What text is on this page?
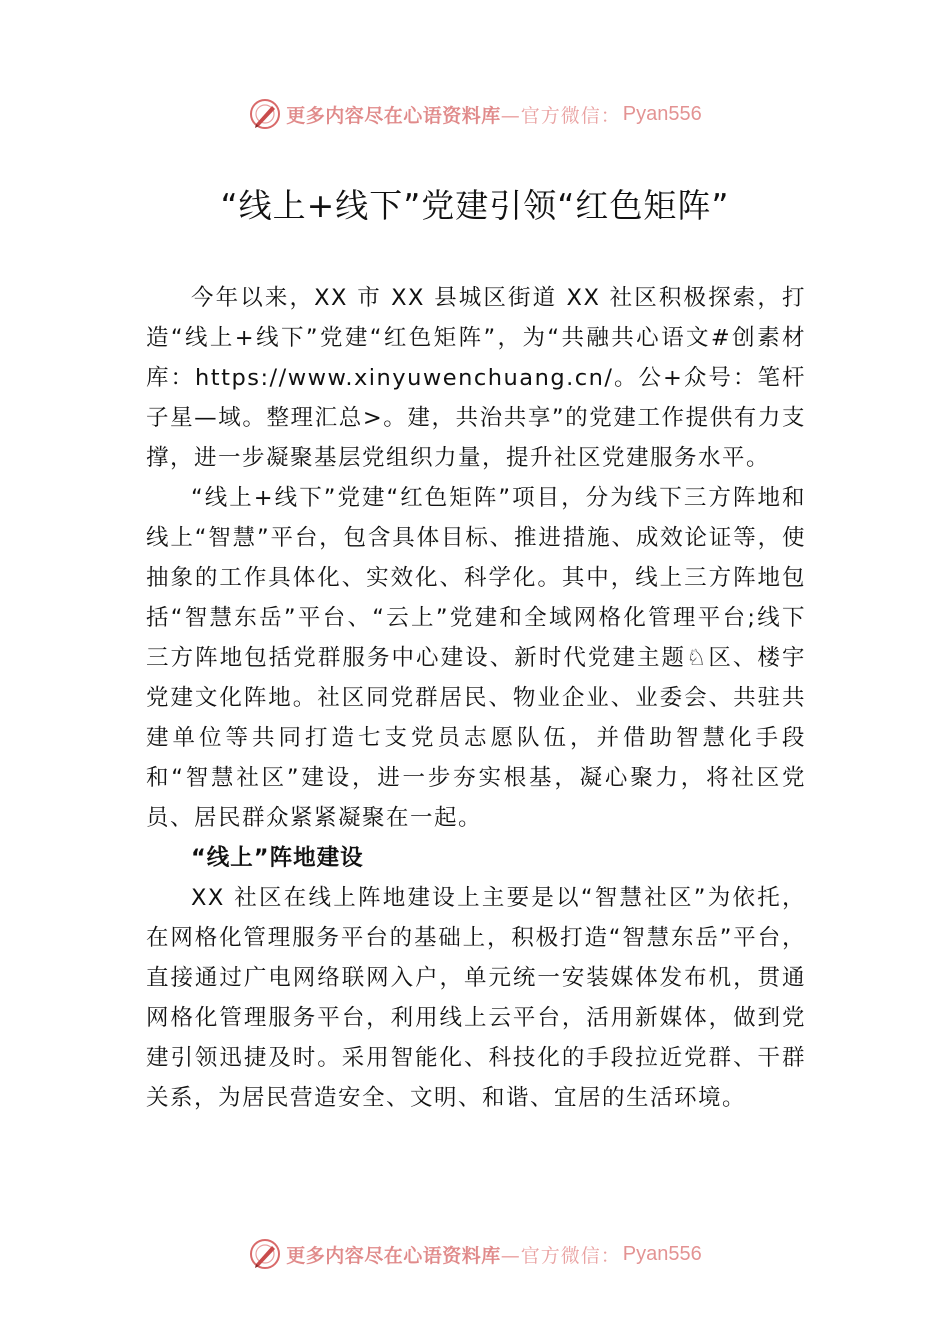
更多内容尽在心语资料库 —官方微信： Pyan556
“线上+线下”党建引领“红色矩阵”

今年以来，XX 市 XX 县城区街道 XX 社区积极探索，打造“线上+线下”党建“红色矩阵”，为“共融共心语文#创素材库：https://www.xinyuwenchuang.cn/。公+众号：笔杆子星—域。整理汇总>。建，共治共享”的党建工作提供有力支撑，进一步凝聚基层党组织力量，提升社区党建服务水平。

“线上+线下”党建“红色矩阵”项目，分为线下三方阵地和线上“智慧”平台，包含具体目标、推进措施、成效论证等，使抽象的工作具体化、实效化、科学化。其中，线上三方阵地包括“智慧东岳”平台、“云上”党建和全域网格化管理平台;线下三方阵地包括党群服务中心建设、新时代党建主题♘区、楼宇党建文化阵地。社区同党群居民、物业企业、业委会、共驻共建单位等共同打造七支党员志愿队伍，并借助智慧化手段和“智慧社区”建设，进一步夯实根基，凝心聚力，将社区党员、居民群众紧紧凝聚在一起。

“线上”阵地建设

XX 社区在线上阵地建设上主要是以“智慧社区”为依托，在网格化管理服务平台的基础上，积极打造“智慧东岳”平台，直接通过广电网络联网入户，单元统一安装媒体发布机，贯通网格化管理服务平台，利用线上云平台，活用新媒体，做到党建引领迅捷及时。采用智能化、科技化的手段拉近党群、干群关系，为居民营造安全、文明、和谐、宜居的生活环境。

更多内容尽在心语资料库 —官方微信： Pyan556
